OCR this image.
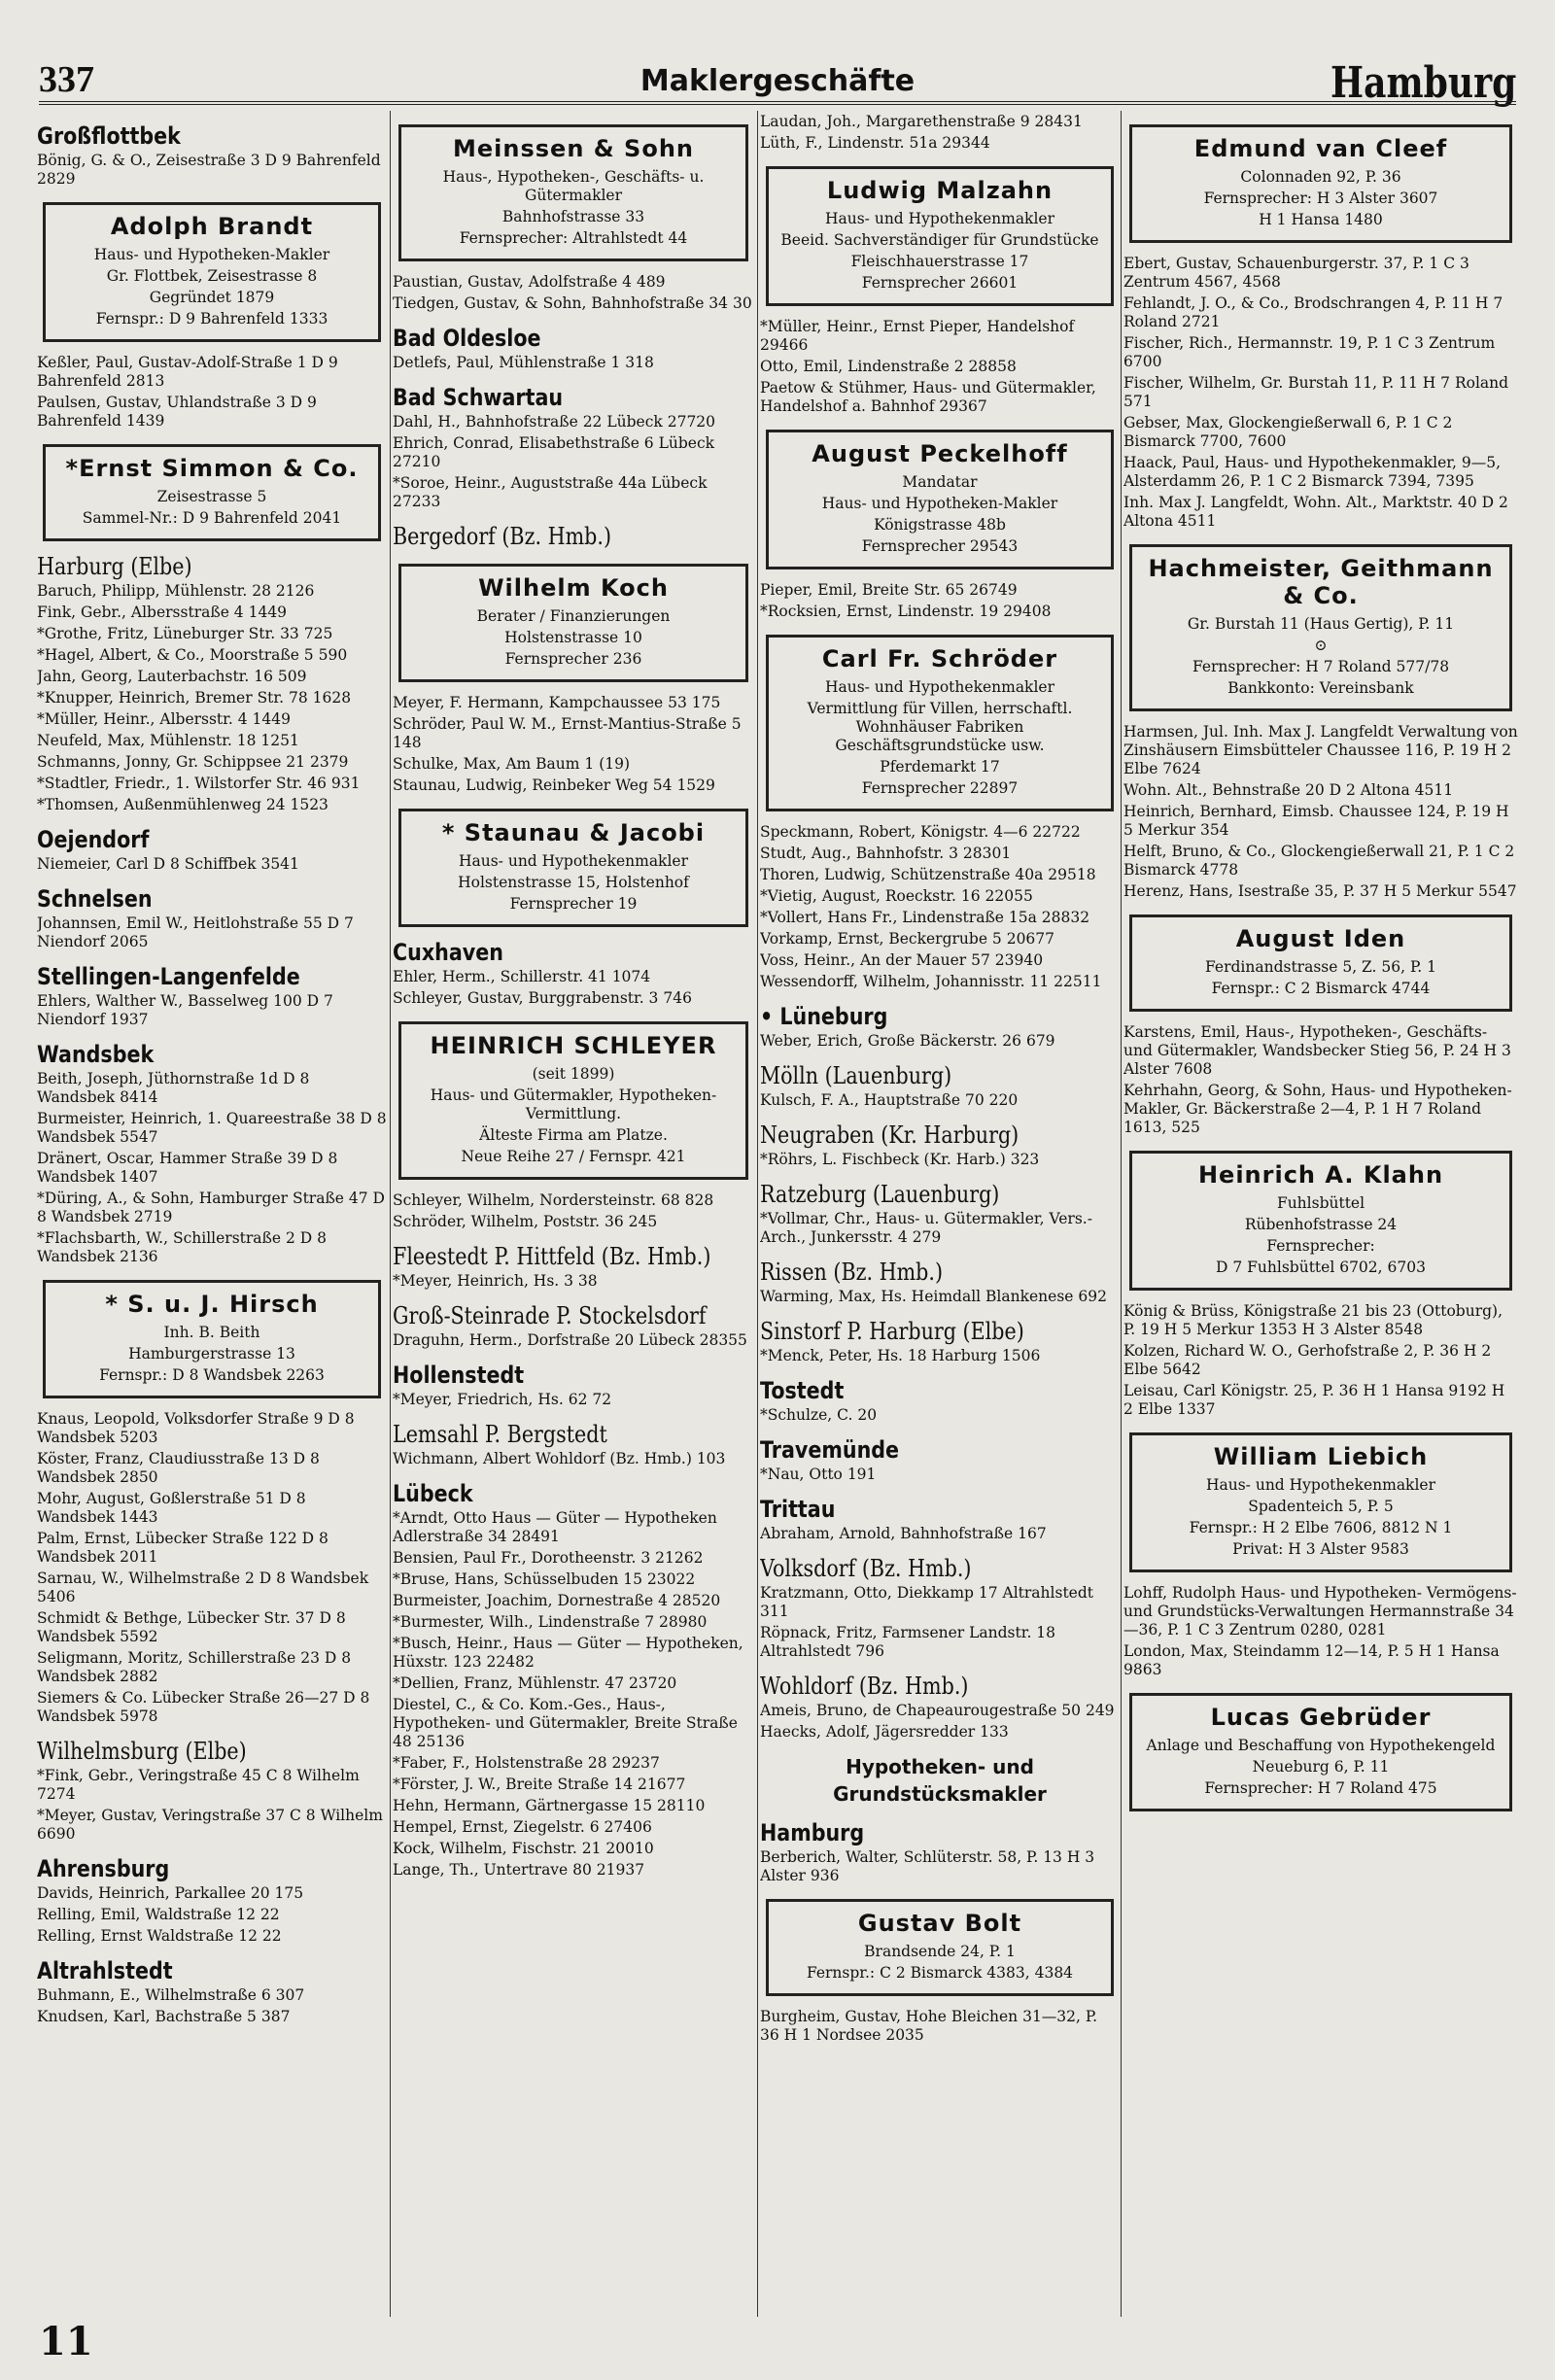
337	Maklergeschäfte	Hamburg
Großflottbek
Bönig, G. & O., Zeisestraße 3 D 9 Bahrenfeld 2829
Adolph Brandt
Haus- und Hypotheken-Makler
Gr. Flottbek, Zeisestrasse 8
Gegründet 1879
Fernspr.: D 9 Bahrenfeld 1333
Keßler, Paul, Gustav-Adolf-Straße 1 D 9 Bahrenfeld 2813
Paulsen, Gustav, Uhlandstraße 3 D 9 Bahrenfeld 1439
*Ernst Simmon & Co.
Zeisestrasse 5
Sammel-Nr.: D 9 Bahrenfeld 2041
Harburg (Elbe)
Baruch, Philipp, Mühlenstr. 28 2126
Fink, Gebr., Albersstraße 4 1449
*Grothe, Fritz, Lüneburger Str. 33 725
*Hagel, Albert, & Co., Moorstraße 5 590
Jahn, Georg, Lauterbachstr. 16 509
*Knupper, Heinrich, Bremer Str. 78 1628
*Müller, Heinr., Albersstr. 4 1449
Neufeld, Max, Mühlenstr. 18 1251
Schmanns, Jonny, Gr. Schippsee 21 2379
*Stadtler, Friedr., 1. Wilstorfer Str. 46 931
*Thomsen, Außenmühlenweg 24 1523
Oejendorf
Niemeier, Carl D 8 Schiffbek 3541
Schnelsen
Johannsen, Emil W., Heitlohstraße 55 D 7 Niendorf 2065
Stellingen-Langenfelde
Ehlers, Walther W., Basselweg 100 D 7 Niendorf 1937
Wandsbek
Beith, Joseph, Jüthornstraße 1d D 8 Wandsbek 8414
Burmeister, Heinrich, 1. Quareestraße 38 D 8 Wandsbek 5547
Dränert, Oscar, Hammer Straße 39 D 8 Wandsbek 1407
*Düring, A., & Sohn, Hamburger Straße 47 D 8 Wandsbek 2719
*Flachsbarth, W., Schillerstraße 2 D 8 Wandsbek 2136
* S. u. J. Hirsch
Inh. B. Beith
Hamburgerstrasse 13
Fernspr.: D 8 Wandsbek 2263
Knaus, Leopold, Volksdorfer Straße 9 D 8 Wandsbek 5203
Köster, Franz, Claudiusstraße 13 D 8 Wandsbek 2850
Mohr, August, Goßlerstraße 51 D 8 Wandsbek 1443
Palm, Ernst, Lübecker Straße 122 D 8 Wandsbek 2011
Sarnau, W., Wilhelmstraße 2 D 8 Wandsbek 5406
Schmidt & Bethge, Lübecker Str. 37 D 8 Wandsbek 5592
Seligmann, Moritz, Schillerstraße 23 D 8 Wandsbek 2882
Siemers & Co. Lübecker Straße 26—27 D 8 Wandsbek 5978
Wilhelmsburg (Elbe)
*Fink, Gebr., Veringstraße 45 C 8 Wilhelm 7274
*Meyer, Gustav, Veringstraße 37 C 8 Wilhelm 6690
Ahrensburg
Davids, Heinrich, Parkallee 20 175
Relling, Emil, Waldstraße 12 22
Relling, Ernst Waldstraße 12 22
Altrahlstedt
Buhmann, E., Wilhelmstraße 6 307
Knudsen, Karl, Bachstraße 5 387
Meinssen & Sohn
Haus-, Hypotheken-, Geschäfts- u. Gütermakler
Bahnhofstrasse 33
Fernsprecher: Altrahlstedt 44
Paustian, Gustav, Adolfstraße 4 489
Tiedgen, Gustav, & Sohn, Bahnhofstraße 34 30
Bad Oldesloe
Detlefs, Paul, Mühlenstraße 1 318
Bad Schwartau
Dahl, H., Bahnhofstraße 22 Lübeck 27720
Ehrich, Conrad, Elisabethstraße 6 Lübeck 27210
*Soroe, Heinr., Auguststraße 44a Lübeck 27233
Bergedorf (Bz. Hmb.)
Wilhelm Koch
Berater / Finanzierungen
Holstenstrasse 10
Fernsprecher 236
Meyer, F. Hermann, Kampchaussee 53 175
Schröder, Paul W. M., Ernst-Mantius-Straße 5 148
Schulke, Max, Am Baum 1 (19)
Staunau, Ludwig, Reinbeker Weg 54 1529
* Staunau & Jacobi
Haus- und Hypothekenmakler
Holstenstrasse 15, Holstenhof
Fernsprecher 19
Cuxhaven
Ehler, Herm., Schillerstr. 41 1074
Schleyer, Gustav, Burggrabenstr. 3 746
HEINRICH SCHLEYER
(seit 1899)
Haus- und Gütermakler, Hypotheken-Vermittlung.
Älteste Firma am Platze.
Neue Reihe 27 / Fernspr. 421
Schleyer, Wilhelm, Nordersteinstr. 68 828
Schröder, Wilhelm, Poststr. 36 245
Fleestedt P. Hittfeld (Bz. Hmb.)
*Meyer, Heinrich, Hs. 3 38
Groß-Steinrade P. Stockelsdorf
Draguhn, Herm., Dorfstraße 20 Lübeck 28355
Hollenstedt
*Meyer, Friedrich, Hs. 62 72
Lemsahl P. Bergstedt
Wichmann, Albert Wohldorf (Bz. Hmb.) 103
Lübeck
*Arndt, Otto Haus — Güter — Hypotheken Adlerstraße 34 28491
Bensien, Paul Fr., Dorotheenstr. 3 21262
*Bruse, Hans, Schüsselbuden 15 23022
Burmeister, Joachim, Dornestraße 4 28520
*Burmester, Wilh., Lindenstraße 7 28980
*Busch, Heinr., Haus — Güter — Hypotheken, Hüxstr. 123 22482
*Dellien, Franz, Mühlenstr. 47 23720
Diestel, C., & Co. Kom.-Ges., Haus-, Hypotheken- und Gütermakler, Breite Straße 48 25136
*Faber, F., Holstenstraße 28 29237
*Förster, J. W., Breite Straße 14 21677
Hehn, Hermann, Gärtnergasse 15 28110
Hempel, Ernst, Ziegelstr. 6 27406
Kock, Wilhelm, Fischstr. 21 20010
Lange, Th., Untertrave 80 21937
Laudan, Joh., Margarethenstraße 9 28431
Lüth, F., Lindenstr. 51a 29344
Ludwig Malzahn
Haus- und Hypothekenmakler
Beeid. Sachverständiger für Grundstücke
Fleischhauerstrasse 17
Fernsprecher 26601
*Müller, Heinr., Ernst Pieper, Handelshof 29466
Otto, Emil, Lindenstraße 2 28858
Paetow & Stühmer, Haus- und Gütermakler, Handelshof a. Bahnhof 29367
August Peckelhoff
Mandatar
Haus- und Hypotheken-Makler
Königstrasse 48b
Fernsprecher 29543
Pieper, Emil, Breite Str. 65 26749
*Rocksien, Ernst, Lindenstr. 19 29408
Carl Fr. Schröder
Haus- und Hypothekenmakler
Vermittlung für Villen, herrschaftl. Wohnhäuser Fabriken Geschäftsgrundstücke usw.
Pferdemarkt 17
Fernsprecher 22897
Speckmann, Robert, Königstr. 4—6 22722
Studt, Aug., Bahnhofstr. 3 28301
Thoren, Ludwig, Schützenstraße 40a 29518
*Vietig, August, Roeckstr. 16 22055
*Vollert, Hans Fr., Lindenstraße 15a 28832
Vorkamp, Ernst, Beckergrube 5 20677
Voss, Heinr., An der Mauer 57 23940
Wessendorff, Wilhelm, Johannisstr. 11 22511
• Lüneburg
Weber, Erich, Große Bäckerstr. 26 679
Mölln (Lauenburg)
Kulsch, F. A., Hauptstraße 70 220
Neugraben (Kr. Harburg)
*Röhrs, L. Fischbeck (Kr. Harb.) 323
Ratzeburg (Lauenburg)
*Vollmar, Chr., Haus- u. Gütermakler, Vers.-Arch., Junkersstr. 4 279
Rissen (Bz. Hmb.)
Warming, Max, Hs. Heimdall Blankenese 692
Sinstorf P. Harburg (Elbe)
*Menck, Peter, Hs. 18 Harburg 1506
Tostedt
*Schulze, C. 20
Travemünde
*Nau, Otto 191
Trittau
Abraham, Arnold, Bahnhofstraße 167
Volksdorf (Bz. Hmb.)
Kratzmann, Otto, Diekkamp 17 Altrahlstedt 311
Röpnack, Fritz, Farmsener Landstr. 18 Altrahlstedt 796
Wohldorf (Bz. Hmb.)
Ameis, Bruno, de Chapeaurougestraße 50 249
Haecks, Adolf, Jägersredder 133
Hypotheken- und Grundstücksmakler
Hamburg
Berberich, Walter, Schlüterstr. 58, P. 13 H 3 Alster 936
Gustav Bolt
Brandsende 24, P. 1
Fernspr.: C 2 Bismarck 4383, 4384
Burgheim, Gustav, Hohe Bleichen 31—32, P. 36 H 1 Nordsee 2035
Edmund van Cleef
Colonnaden 92, P. 36
Fernsprecher: H 3 Alster 3607
H 1 Hansa 1480
Ebert, Gustav, Schauenburgerstr. 37, P. 1 C 3 Zentrum 4567, 4568
Fehlandt, J. O., & Co., Brodschrangen 4, P. 11 H 7 Roland 2721
Fischer, Rich., Hermannstr. 19, P. 1 C 3 Zentrum 6700
Fischer, Wilhelm, Gr. Burstah 11, P. 11 H 7 Roland 571
Gebser, Max, Glockengießerwall 6, P. 1 C 2 Bismarck 7700, 7600
Haack, Paul, Haus- und Hypothekenmakler, 9—5, Alsterdamm 26, P. 1 C 2 Bismarck 7394, 7395
Inh. Max J. Langfeldt, Wohn. Alt., Marktstr. 40 D 2 Altona 4511
Hachmeister, Geithmann & Co.
Gr. Burstah 11 (Haus Gertig), P. 11
⊙
Fernsprecher: H 7 Roland 577/78
Bankkonto: Vereinsbank
Harmsen, Jul. Inh. Max J. Langfeldt Verwaltung von Zinshäusern Eimsbütteler Chaussee 116, P. 19 H 2 Elbe 7624
Wohn. Alt., Behnstraße 20 D 2 Altona 4511
Heinrich, Bernhard, Eimsb. Chaussee 124, P. 19 H 5 Merkur 354
Helft, Bruno, & Co., Glockengießerwall 21, P. 1 C 2 Bismarck 4778
Herenz, Hans, Isestraße 35, P. 37 H 5 Merkur 5547
August Iden
Ferdinandstrasse 5, Z. 56, P. 1
Fernspr.: C 2 Bismarck 4744
Karstens, Emil, Haus-, Hypotheken-, Geschäfts- und Gütermakler, Wandsbecker Stieg 56, P. 24 H 3 Alster 7608
Kehrhahn, Georg, & Sohn, Haus- und Hypotheken-Makler, Gr. Bäckerstraße 2—4, P. 1 H 7 Roland 1613, 525
Heinrich A. Klahn
Fuhlsbüttel
Rübenhofstrasse 24
Fernsprecher:
D 7 Fuhlsbüttel 6702, 6703
König & Brüss, Königstraße 21 bis 23 (Ottoburg), P. 19 H 5 Merkur 1353 H 3 Alster 8548
Kolzen, Richard W. O., Gerhofstraße 2, P. 36 H 2 Elbe 5642
Leisau, Carl Königstr. 25, P. 36 H 1 Hansa 9192 H 2 Elbe 1337
William Liebich
Haus- und Hypothekenmakler
Spadenteich 5, P. 5
Fernspr.: H 2 Elbe 7606, 8812 N 1
Privat: H 3 Alster 9583
Lohff, Rudolph Haus- und Hypotheken- Vermögens- und Grundstücks-Verwaltungen Hermannstraße 34—36, P. 1 C 3 Zentrum 0280, 0281
London, Max, Steindamm 12—14, P. 5 H 1 Hansa 9863
Lucas Gebrüder
Anlage und Beschaffung von Hypothekengeld
Neueburg 6, P. 11
Fernsprecher: H 7 Roland 475
11
